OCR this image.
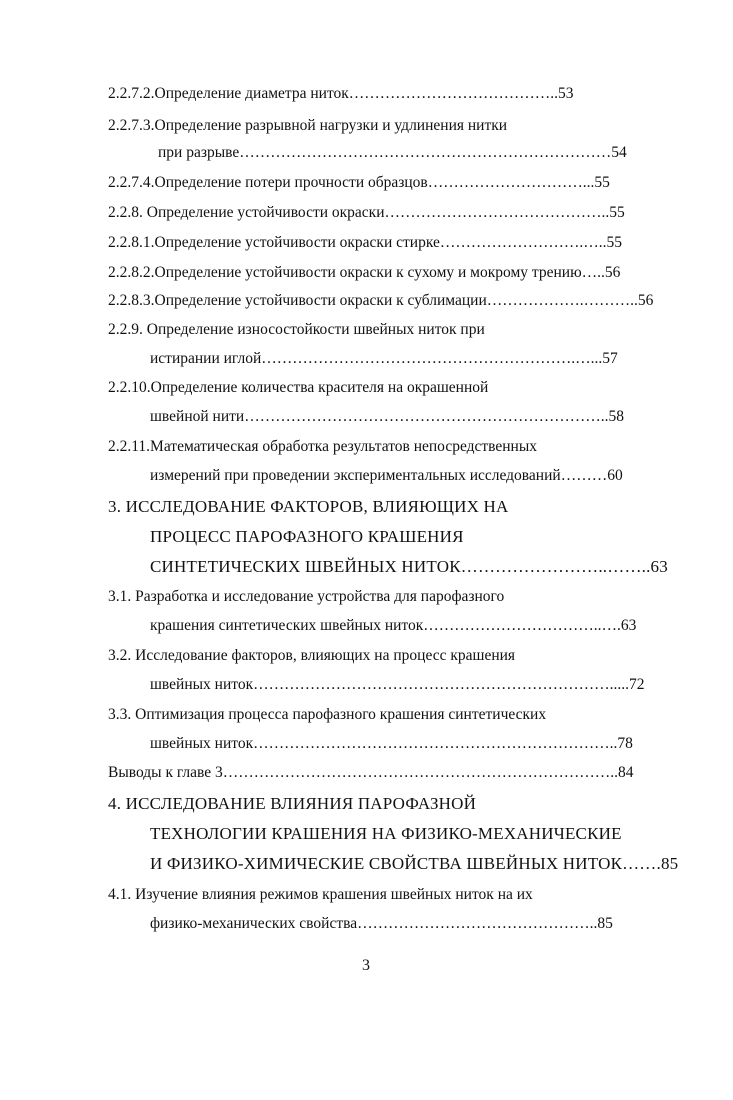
2.2.7.2.Определение диаметра ниток…………………………………..53
2.2.7.3.Определение разрывной нагрузки и удлинения нитки
при разрыве………………………………………………………………54
2.2.7.4.Определение потери прочности образцов…………………………...55
2.2.8. Определение устойчивости окраски……………………………………..55
2.2.8.1.Определение устойчивости окраски стирке……………………….…..55
2.2.8.2.Определение устойчивости окраски к сухому и мокрому трению…..56
2.2.8.3.Определение устойчивости окраски к сублимации……………….………..56
2.2.9. Определение износостойкости швейных ниток при
истирании иглой…………………………………………………….…...57
2.2.10.Определение количества красителя на окрашенной
швейной нити……………………………………………………………..58
2.2.11.Математическая обработка результатов непосредственных
измерений при проведении экспериментальных исследований………60
3. ИССЛЕДОВАНИЕ ФАКТОРОВ, ВЛИЯЮЩИХ НА
ПРОЦЕСС ПАРОФАЗНОГО КРАШЕНИЯ
СИНТЕТИЧЕСКИХ ШВЕЙНЫХ НИТОК……………………..……..63
3.1. Разработка и исследование устройства для парофазного
крашения синтетических швейных ниток……………………………..….63
3.2. Исследование факторов, влияющих на процесс крашения
швейных ниток…………………………………………………………….....72
3.3. Оптимизация процесса парофазного крашения синтетических
швейных ниток……………………………………………………………..78
Выводы к главе 3…………………………………………………………………..84
4. ИССЛЕДОВАНИЕ ВЛИЯНИЯ ПАРОФАЗНОЙ
ТЕХНОЛОГИИ КРАШЕНИЯ НА ФИЗИКО-МЕХАНИЧЕСКИЕ
И ФИЗИКО-ХИМИЧЕСКИЕ СВОЙСТВА ШВЕЙНЫХ НИТОК…….85
4.1. Изучение влияния режимов крашения швейных ниток на их
физико-механических свойства………………………………………..85
3
